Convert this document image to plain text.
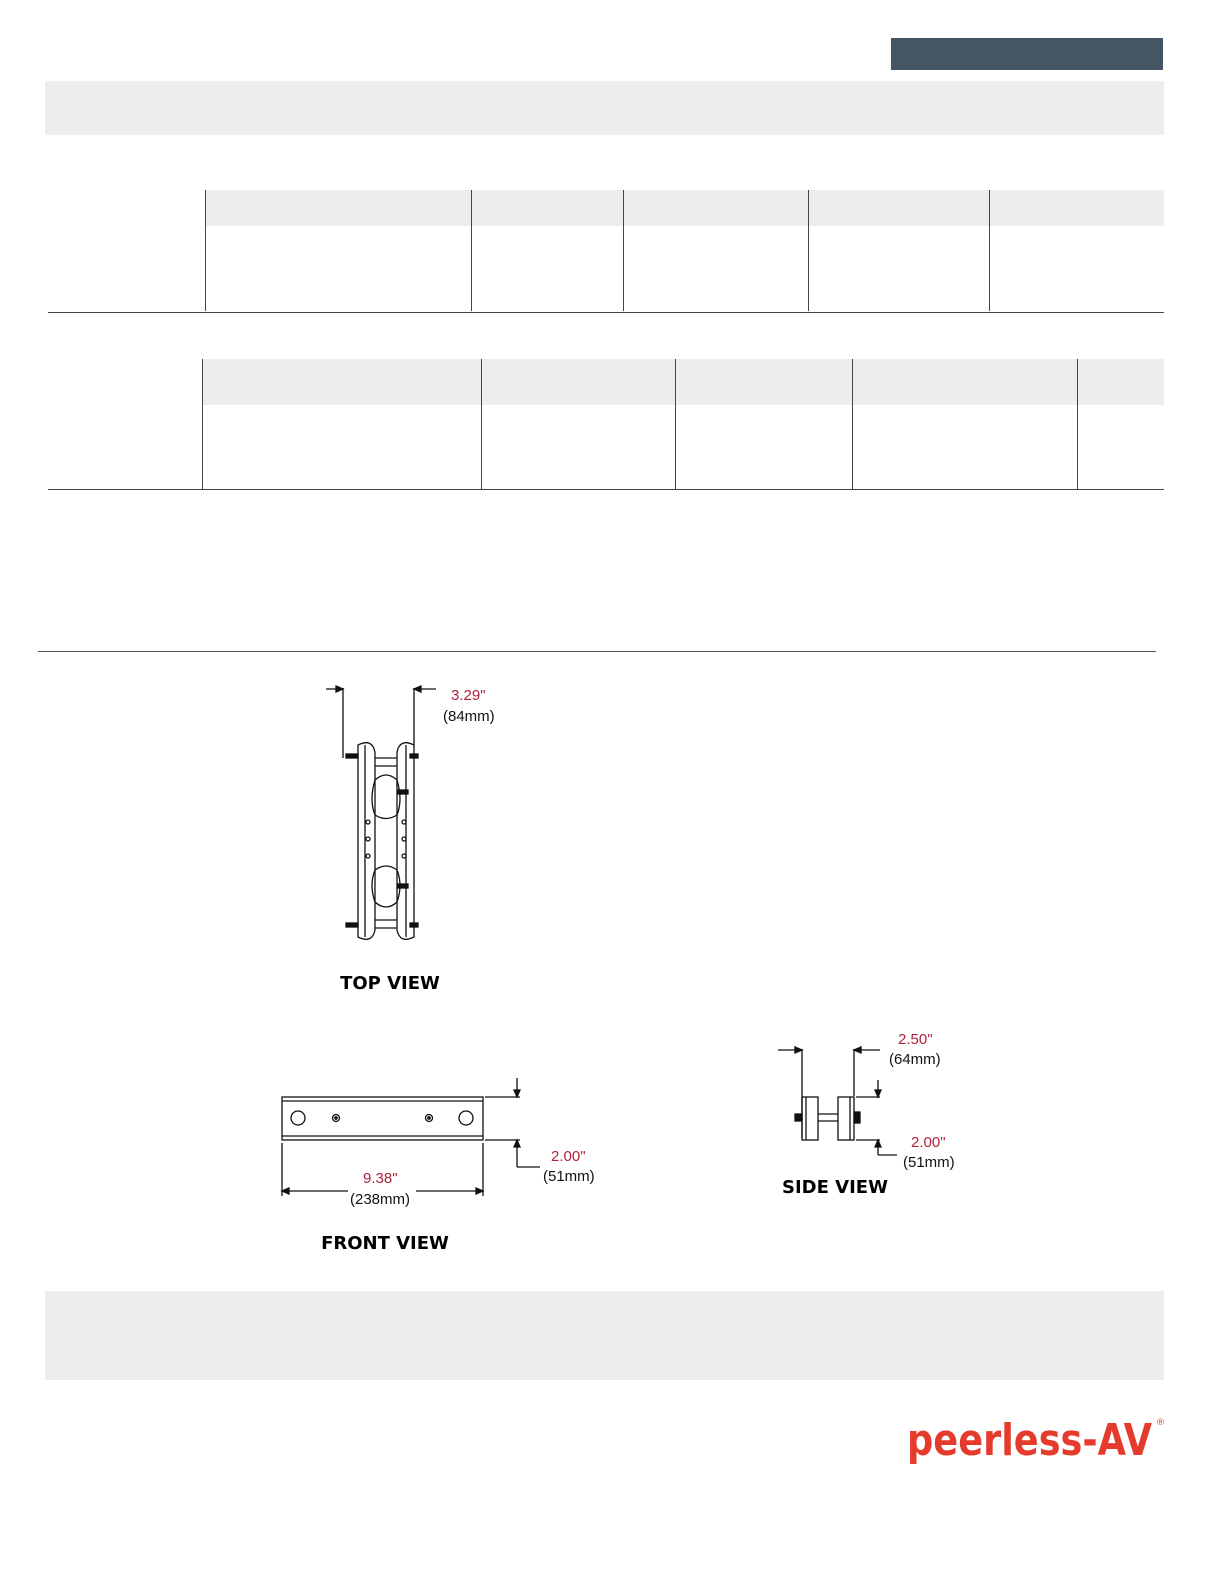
3.29"
(84mm)
TOP VIEW
9.38"
(238mm)
2.00"
(51mm)
FRONT VIEW
2.50"
(64mm)
2.00"
(51mm)
SIDE VIEW
peerless-AV ®
